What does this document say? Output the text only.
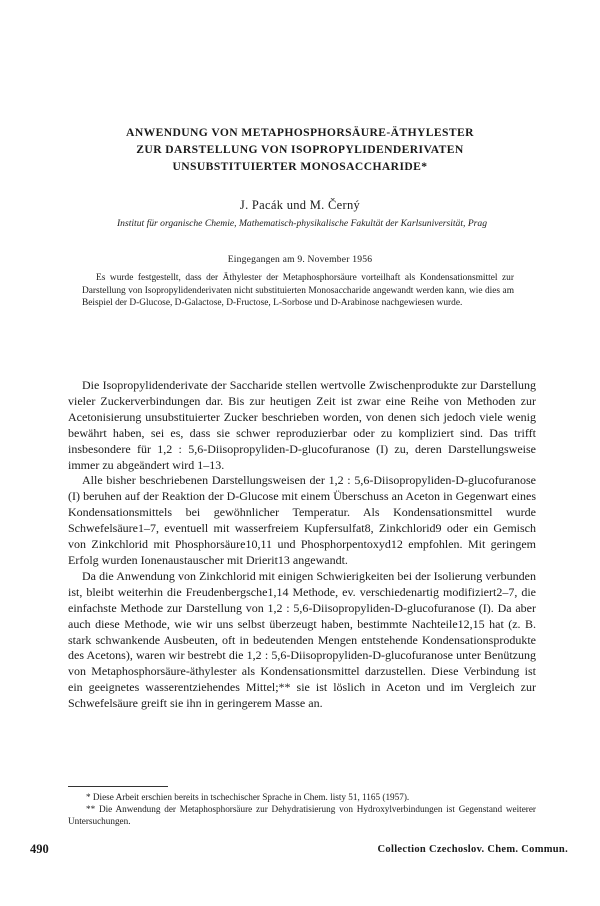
ANWENDUNG VON METAPHOSPHORSÄURE-ÄTHYLESTER
ZUR DARSTELLUNG VON ISOPROPYLIDENDERIVATEN
UNSUBSTITUIERTER MONOSACCHARIDE*
J. Pacák und M. Černý
Institut für organische Chemie, Mathematisch-physikalische Fakultät der Karlsuniversität, Prag
Eingegangen am 9. November 1956

Es wurde festgestellt, dass der Äthylester der Metaphosphorsäure vorteilhaft als Kondensationsmittel zur Darstellung von Isopropylidenderivaten nicht substituierten Monosaccharide angewandt werden kann, wie dies am Beispiel der D-Glucose, D-Galactose, D-Fructose, L-Sorbose und D-Arabinose nachgewiesen wurde.

Die Isopropylidenderivate der Saccharide stellen wertvolle Zwischenprodukte zur Darstellung vieler Zuckerverbindungen dar. Bis zur heutigen Zeit ist zwar eine Reihe von Methoden zur Acetonisierung unsubstituierter Zucker beschrieben worden, von denen sich jedoch viele wenig bewährt haben, sei es, dass sie schwer reproduzierbar oder zu kompliziert sind. Das trifft insbesondere für 1,2 : 5,6-Diisopropyliden-D-glucofuranose (I) zu, deren Darstellungsweise immer zu abgeändert wird 1–13.

Alle bisher beschriebenen Darstellungsweisen der 1,2 : 5,6-Diisopropyliden-D-glucofuranose (I) beruhen auf der Reaktion der D-Glucose mit einem Überschuss an Aceton in Gegenwart eines Kondensationsmittels bei gewöhnlicher Temperatur. Als Kondensationsmittel wurde Schwefelsäure1–7, eventuell mit wasserfreiem Kupfersulfat8, Zinkchlorid9 oder ein Gemisch von Zinkchlorid mit Phosphorsäure10,11 und Phosphorpentoxyd12 empfohlen. Mit geringem Erfolg wurden Ionenaustauscher mit Drierit13 angewandt.

Da die Anwendung von Zinkchlorid mit einigen Schwierigkeiten bei der Isolierung verbunden ist, bleibt weiterhin die Freudenbergsche1,14 Methode, ev. verschiedenartig modifiziert2–7, die einfachste Methode zur Darstellung von 1,2 : 5,6-Diisopropyliden-D-glucofuranose (I). Da aber auch diese Methode, wie wir uns selbst überzeugt haben, bestimmte Nachteile12,15 hat (z. B. stark schwankende Ausbeuten, oft in bedeutenden Mengen entstehende Kondensationsprodukte des Acetons), waren wir bestrebt die 1,2 : 5,6-Diisopropyliden-D-glucofuranose unter Benützung von Metaphosphorsäure-äthylester als Kondensationsmittel darzustellen. Diese Verbindung ist ein geeignetes wasserentziehendes Mittel;** sie ist löslich in Aceton und im Vergleich zur Schwefelsäure greift sie ihn in geringerem Masse an.

* Diese Arbeit erschien bereits in tschechischer Sprache in Chem. listy 51, 1165 (1957).

** Die Anwendung der Metaphosphorsäure zur Dehydratisierung von Hydroxylverbindungen ist Gegenstand weiterer Untersuchungen.

490	Collection Czechoslov. Chem. Commun.
